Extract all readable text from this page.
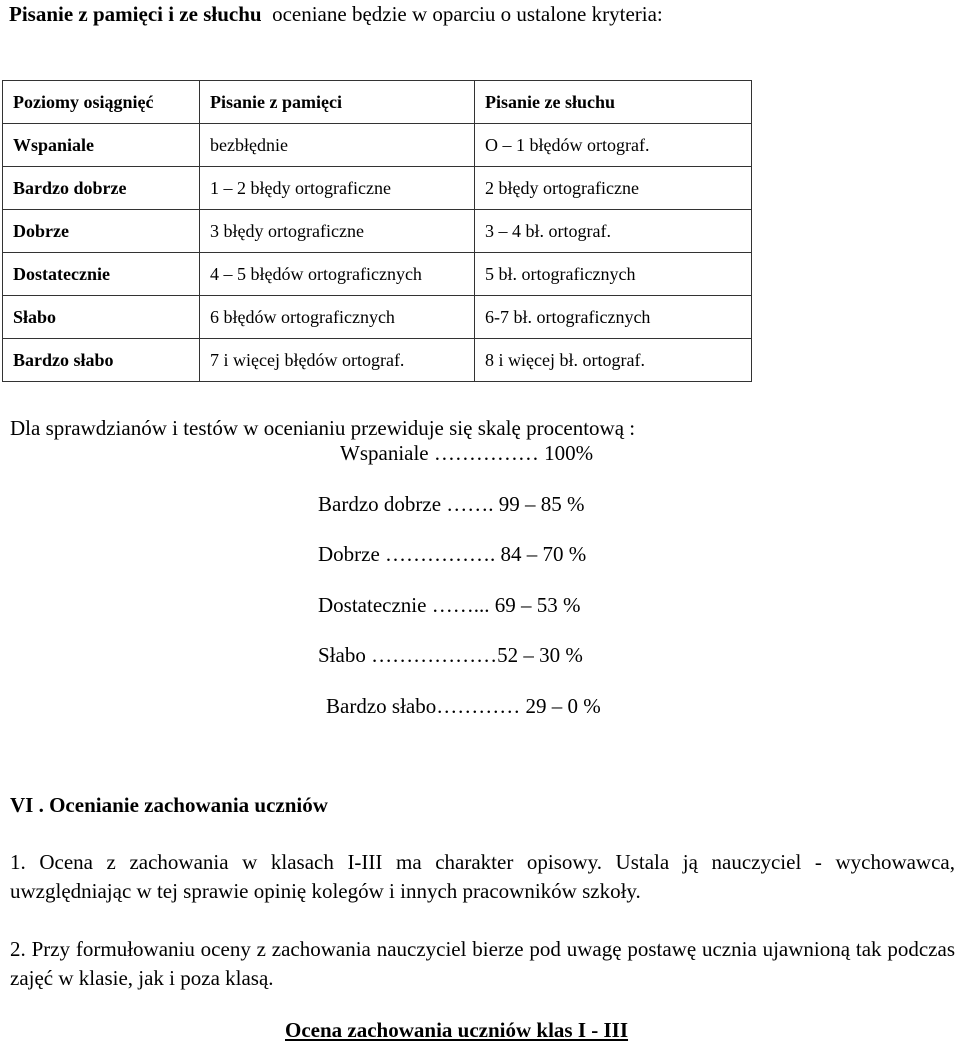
Pisanie z pamięci i ze słuchu oceniane będzie w oparciu o ustalone kryteria:
Poziomy osiągnięć	Pisanie z pamięci	Pisanie ze słuchu
Wspaniale	bezbłędnie	O – 1 błędów ortograf.
Bardzo dobrze	1 – 2 błędy ortograficzne	2 błędy ortograficzne
Dobrze	3 błędy ortograficzne	3 – 4 bł. ortograf.
Dostatecznie	4 – 5 błędów ortograficznych	5 bł. ortograficznych
Słabo	6 błędów ortograficznych	6-7 bł. ortograficznych
Bardzo słabo	7 i więcej błędów ortograf.	8 i więcej bł. ortograf.
Dla sprawdzianów i testów w ocenianiu przewiduje się skalę procentową :
Wspaniale …………… 100%
Bardzo dobrze ……. 99 – 85 %
Dobrze ……………. 84 – 70 %
Dostatecznie ……... 69 – 53 %
Słabo ………………52 – 30 %
Bardzo słabo………… 29 – 0 %
VI . Ocenianie zachowania uczniów
1. Ocena z zachowania w klasach I-III ma charakter opisowy. Ustala ją nauczyciel - wychowawca, uwzględniając w tej sprawie opinię kolegów i innych pracowników szkoły.
2. Przy formułowaniu oceny z zachowania nauczyciel bierze pod uwagę postawę ucznia ujawnioną tak podczas zajęć w klasie, jak i poza klasą.
Ocena zachowania uczniów klas I - III
